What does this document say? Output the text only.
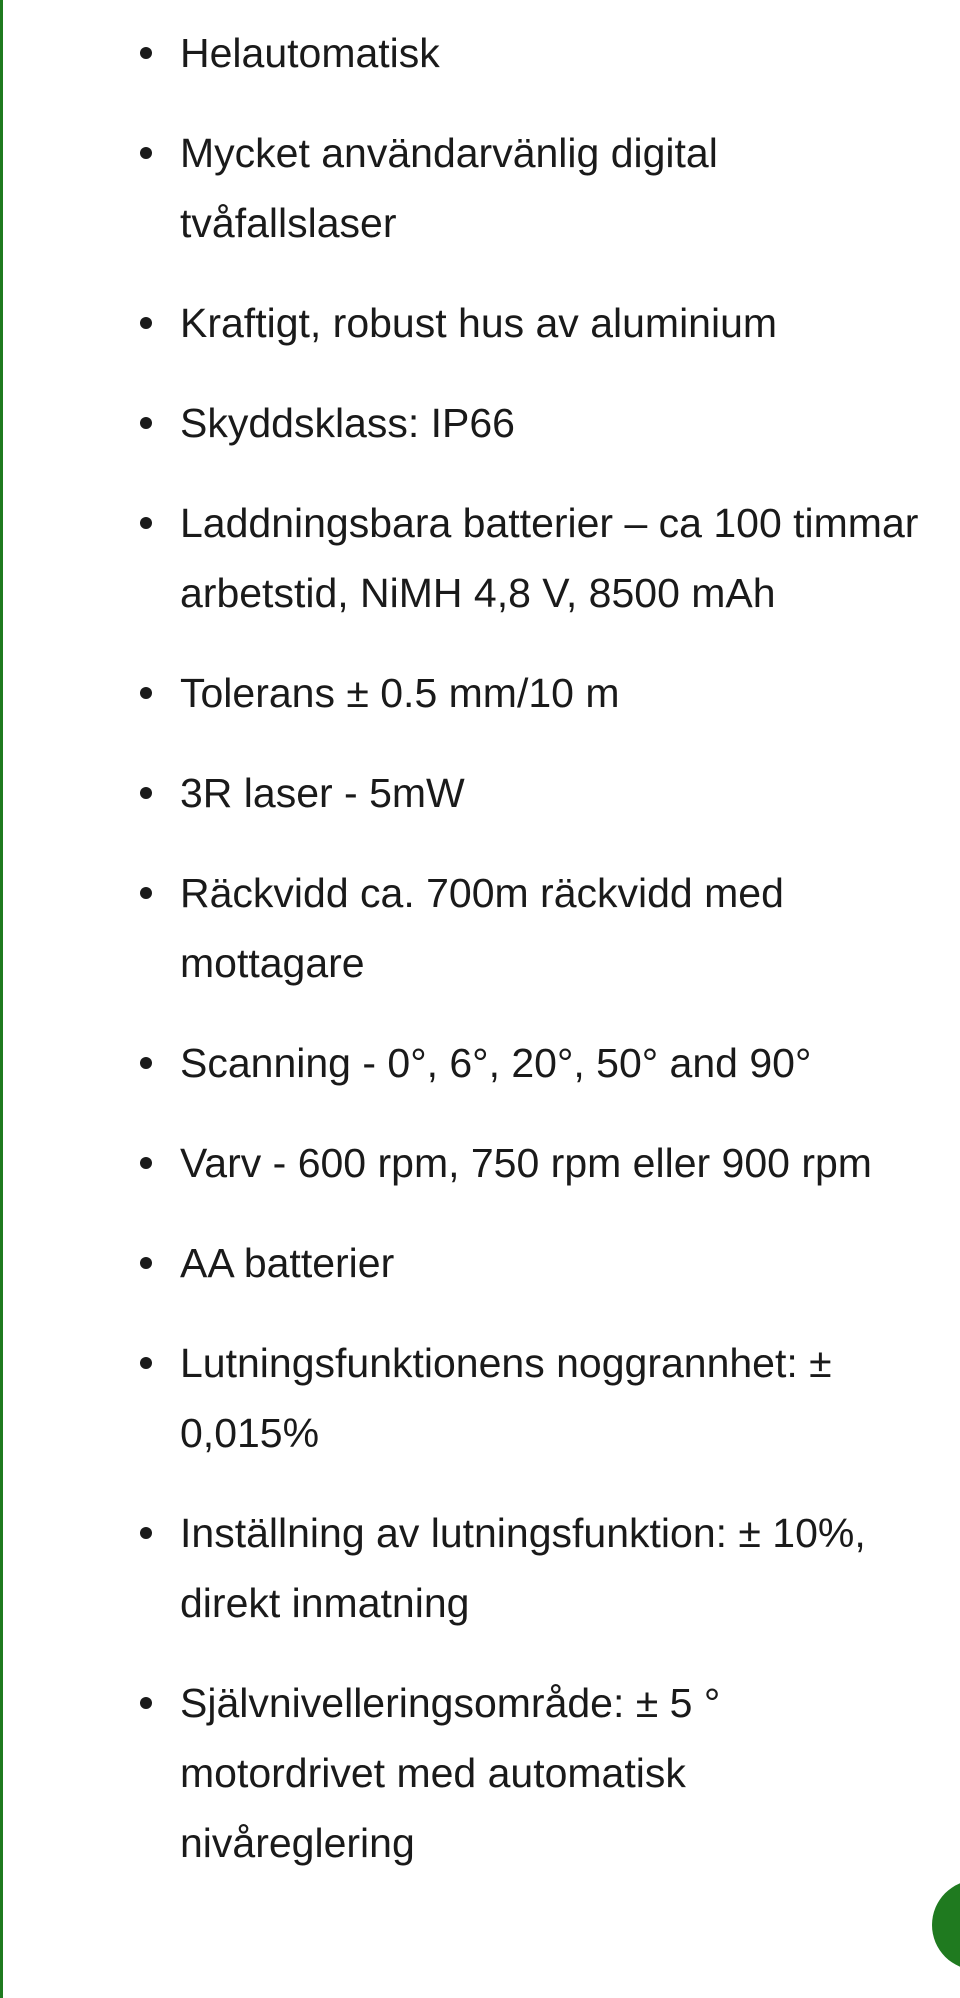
Helautomatisk
Mycket användarvänlig digital tvåfallslaser
Kraftigt, robust hus av aluminium
Skyddsklass: IP66
Laddningsbara batterier – ca 100 timmar arbetstid, NiMH 4,8 V, 8500 mAh
Tolerans ± 0.5 mm/10 m
3R laser - 5mW
Räckvidd ca. 700m räckvidd med mottagare
Scanning - 0°, 6°, 20°, 50° and 90°
Varv - 600 rpm, 750 rpm eller 900 rpm
AA batterier
Lutningsfunktionens noggrannhet: ± 0,015%
Inställning av lutningsfunktion: ± 10%, direkt inmatning
Självnivelleringsområde: ± 5 ° motordrivet med automatisk nivåreglering
